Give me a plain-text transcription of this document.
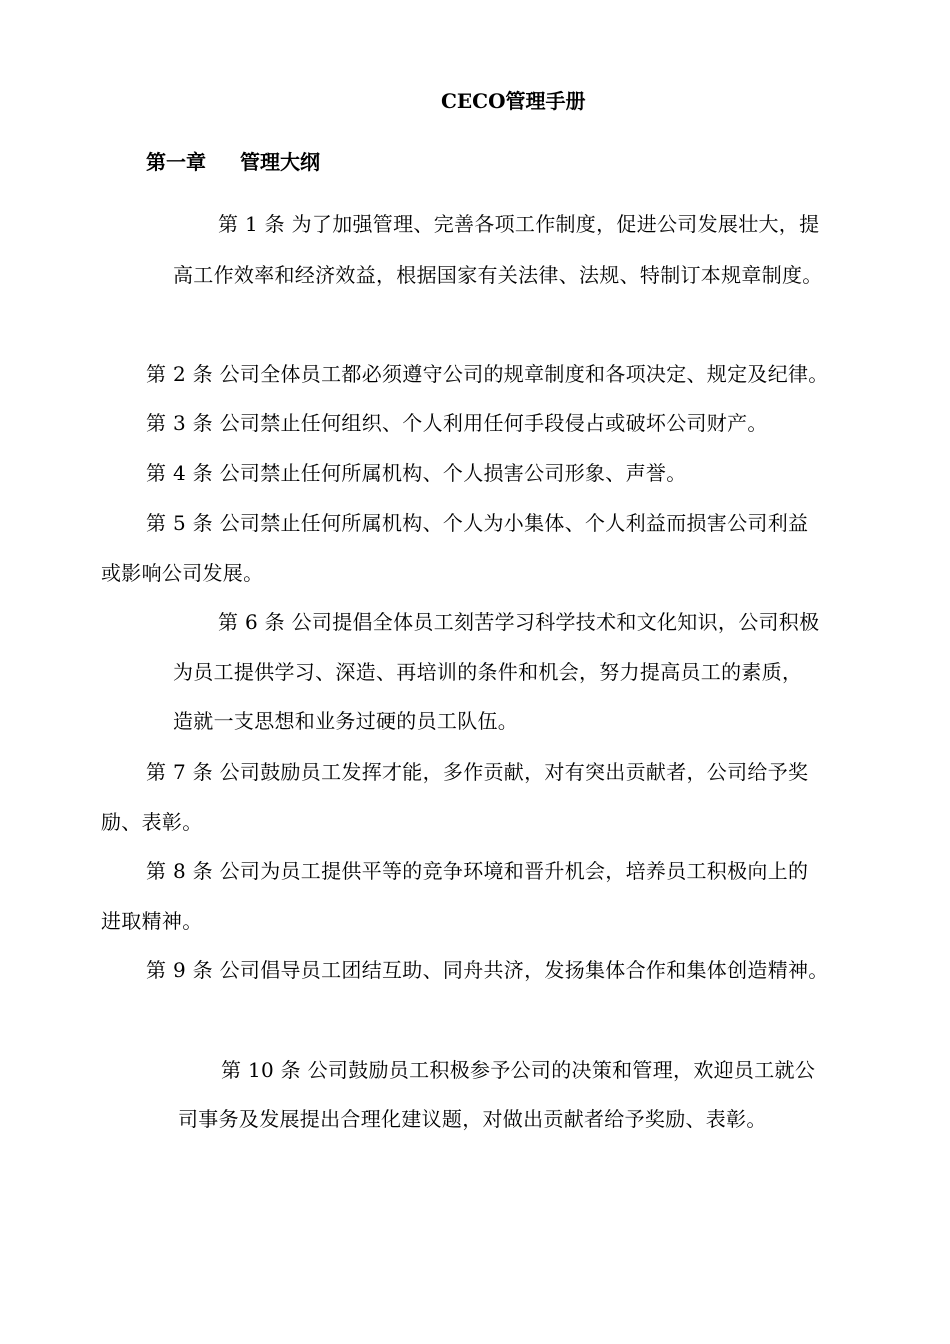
CECO管理手册
第一章 管理大纲
第 1 条 为了加强管理、完善各项工作制度，促进公司发展壮大，提
高工作效率和经济效益，根据国家有关法律、法规、特制订本规章制度。
第 2 条 公司全体员工都必须遵守公司的规章制度和各项决定、规定及纪律。
第 3 条 公司禁止任何组织、个人利用任何手段侵占或破坏公司财产。
第 4 条 公司禁止任何所属机构、个人损害公司形象、声誉。
第 5 条 公司禁止任何所属机构、个人为小集体、个人利益而损害公司利益
或影响公司发展。
第 6 条 公司提倡全体员工刻苦学习科学技术和文化知识，公司积极
为员工提供学习、深造、再培训的条件和机会，努力提高员工的素质，
造就一支思想和业务过硬的员工队伍。
第 7 条 公司鼓励员工发挥才能，多作贡献，对有突出贡献者，公司给予奖
励、表彰。
第 8 条 公司为员工提供平等的竞争环境和晋升机会，培养员工积极向上的
进取精神。
第 9 条 公司倡导员工团结互助、同舟共济，发扬集体合作和集体创造精神。
第 10 条 公司鼓励员工积极参予公司的决策和管理，欢迎员工就公
司事务及发展提出合理化建议题，对做出贡献者给予奖励、表彰。
